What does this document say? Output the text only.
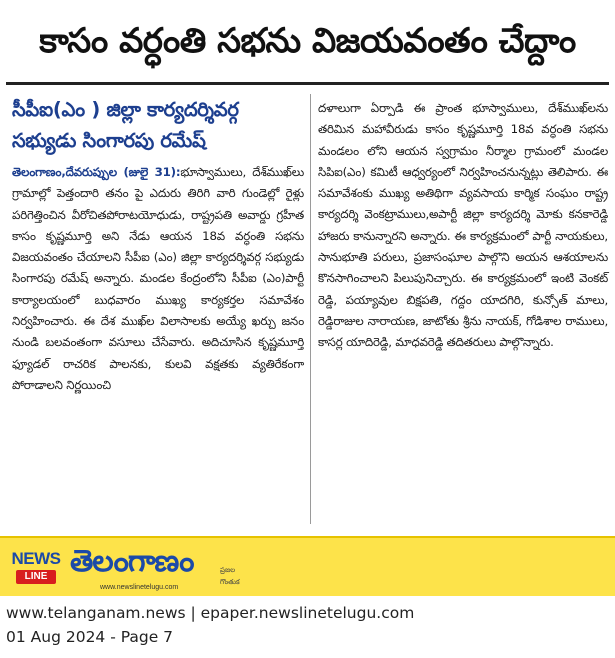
కాసం వర్ధంతి సభను విజయవంతం చేద్దాం
సీపీఐ(ఎం ) జిల్లా కార్యదర్శివర్గ సభ్యుడు సింగారపు రమేష్

తెలంగాణం,దేవరుప్పుల (జులై 31):భూస్వాములు, దేశ్‌ముఖ్‌లు గ్రామాల్లో పెత్తందారి తనం పై ఎదురు తిరిగి వారి గుండెల్లో రైళ్లు పరిగెత్తించిన వీరోచితపోరాటయోధుడు, రాష్ట్రపతి అవార్డు గ్రహీత కాసం కృష్ణమూర్తి అని నేడు ఆయన 18వ వర్ధంతి సభను విజయవంతం చేయాలని సీపీఐ (ఎం) జిల్లా కార్యదర్శివర్గ సభ్యుడు సింగారపు రమేష్ అన్నారు. మండల కేంద్రంలోని సీపీఐ (ఎం)పార్టీ కార్యాలయంలో బుధవారం ముఖ్య కార్యకర్తల సమావేశం నిర్వహించారు. ఈ దేశ ముఖ్‌ల విలాసాలకు అయ్యే ఖర్చు జనం నుండి బలవంతంగా వసూలు చేసేవారు. అదిచూసిన కృష్ణమూర్తి ఫ్యూడల్ రాచరిక పాలనకు, కులవి వక్షతకు వ్యతిరేకంగా పోరాడాలని నిర్ణయించి

దళాలుగా ఏర్పాడి ఈ ప్రాంత భూస్వాములు, దేశ్‌ముఖ్‌లను తరిమిన మహావీరుడు కాసం కృష్ణమూర్తి 18వ వర్ధంతి సభను మండలం లోని ఆయన స్వగ్రామం నీర్మాల గ్రామంలో మండల సిపిఐ(ఎం) కమిటీ ఆధ్వర్యంలో నిర్వహించనున్నట్లు తెలిపారు. ఈ సమావేశంకు ముఖ్య అతిథిగా వ్యవసాయ కార్మిక సంఘం రాష్ట్ర కార్యదర్శి వెంకట్రాములు,అపార్టీ జిల్లా కార్యదర్శి మోకు కనకారెడ్డి హాజరు కానున్నారని అన్నారు. ఈ కార్యక్రమంలో పార్టీ నాయకులు, సానుభూతి పరులు, ప్రజాసంఘాల పాల్గొని అయన ఆశయాలను కొనసాగించాలని పిలుపునిచ్చారు. ఈ కార్యక్రమంలో ఇంటి వెంకట్ రెడ్డి, పయ్యావుల బిక్షపతి, గద్దం యాదగిరి, కున్సోత్ మాలు, రెడ్డిరాజుల నారాయణ, జాటోతు శ్రీను నాయక్, గోడిశాల రాములు, కాసర్ల యాదిరెడ్డి, మాధవరెడ్డి తదితరులు పాల్గొన్నారు.

NEWS
LINE తెలంగాణం	ప్రజల గొంతుక
www.newslinetelugu.com
www.telanganam.news | epaper.newslinetelugu.com
01 Aug 2024 - Page 7
